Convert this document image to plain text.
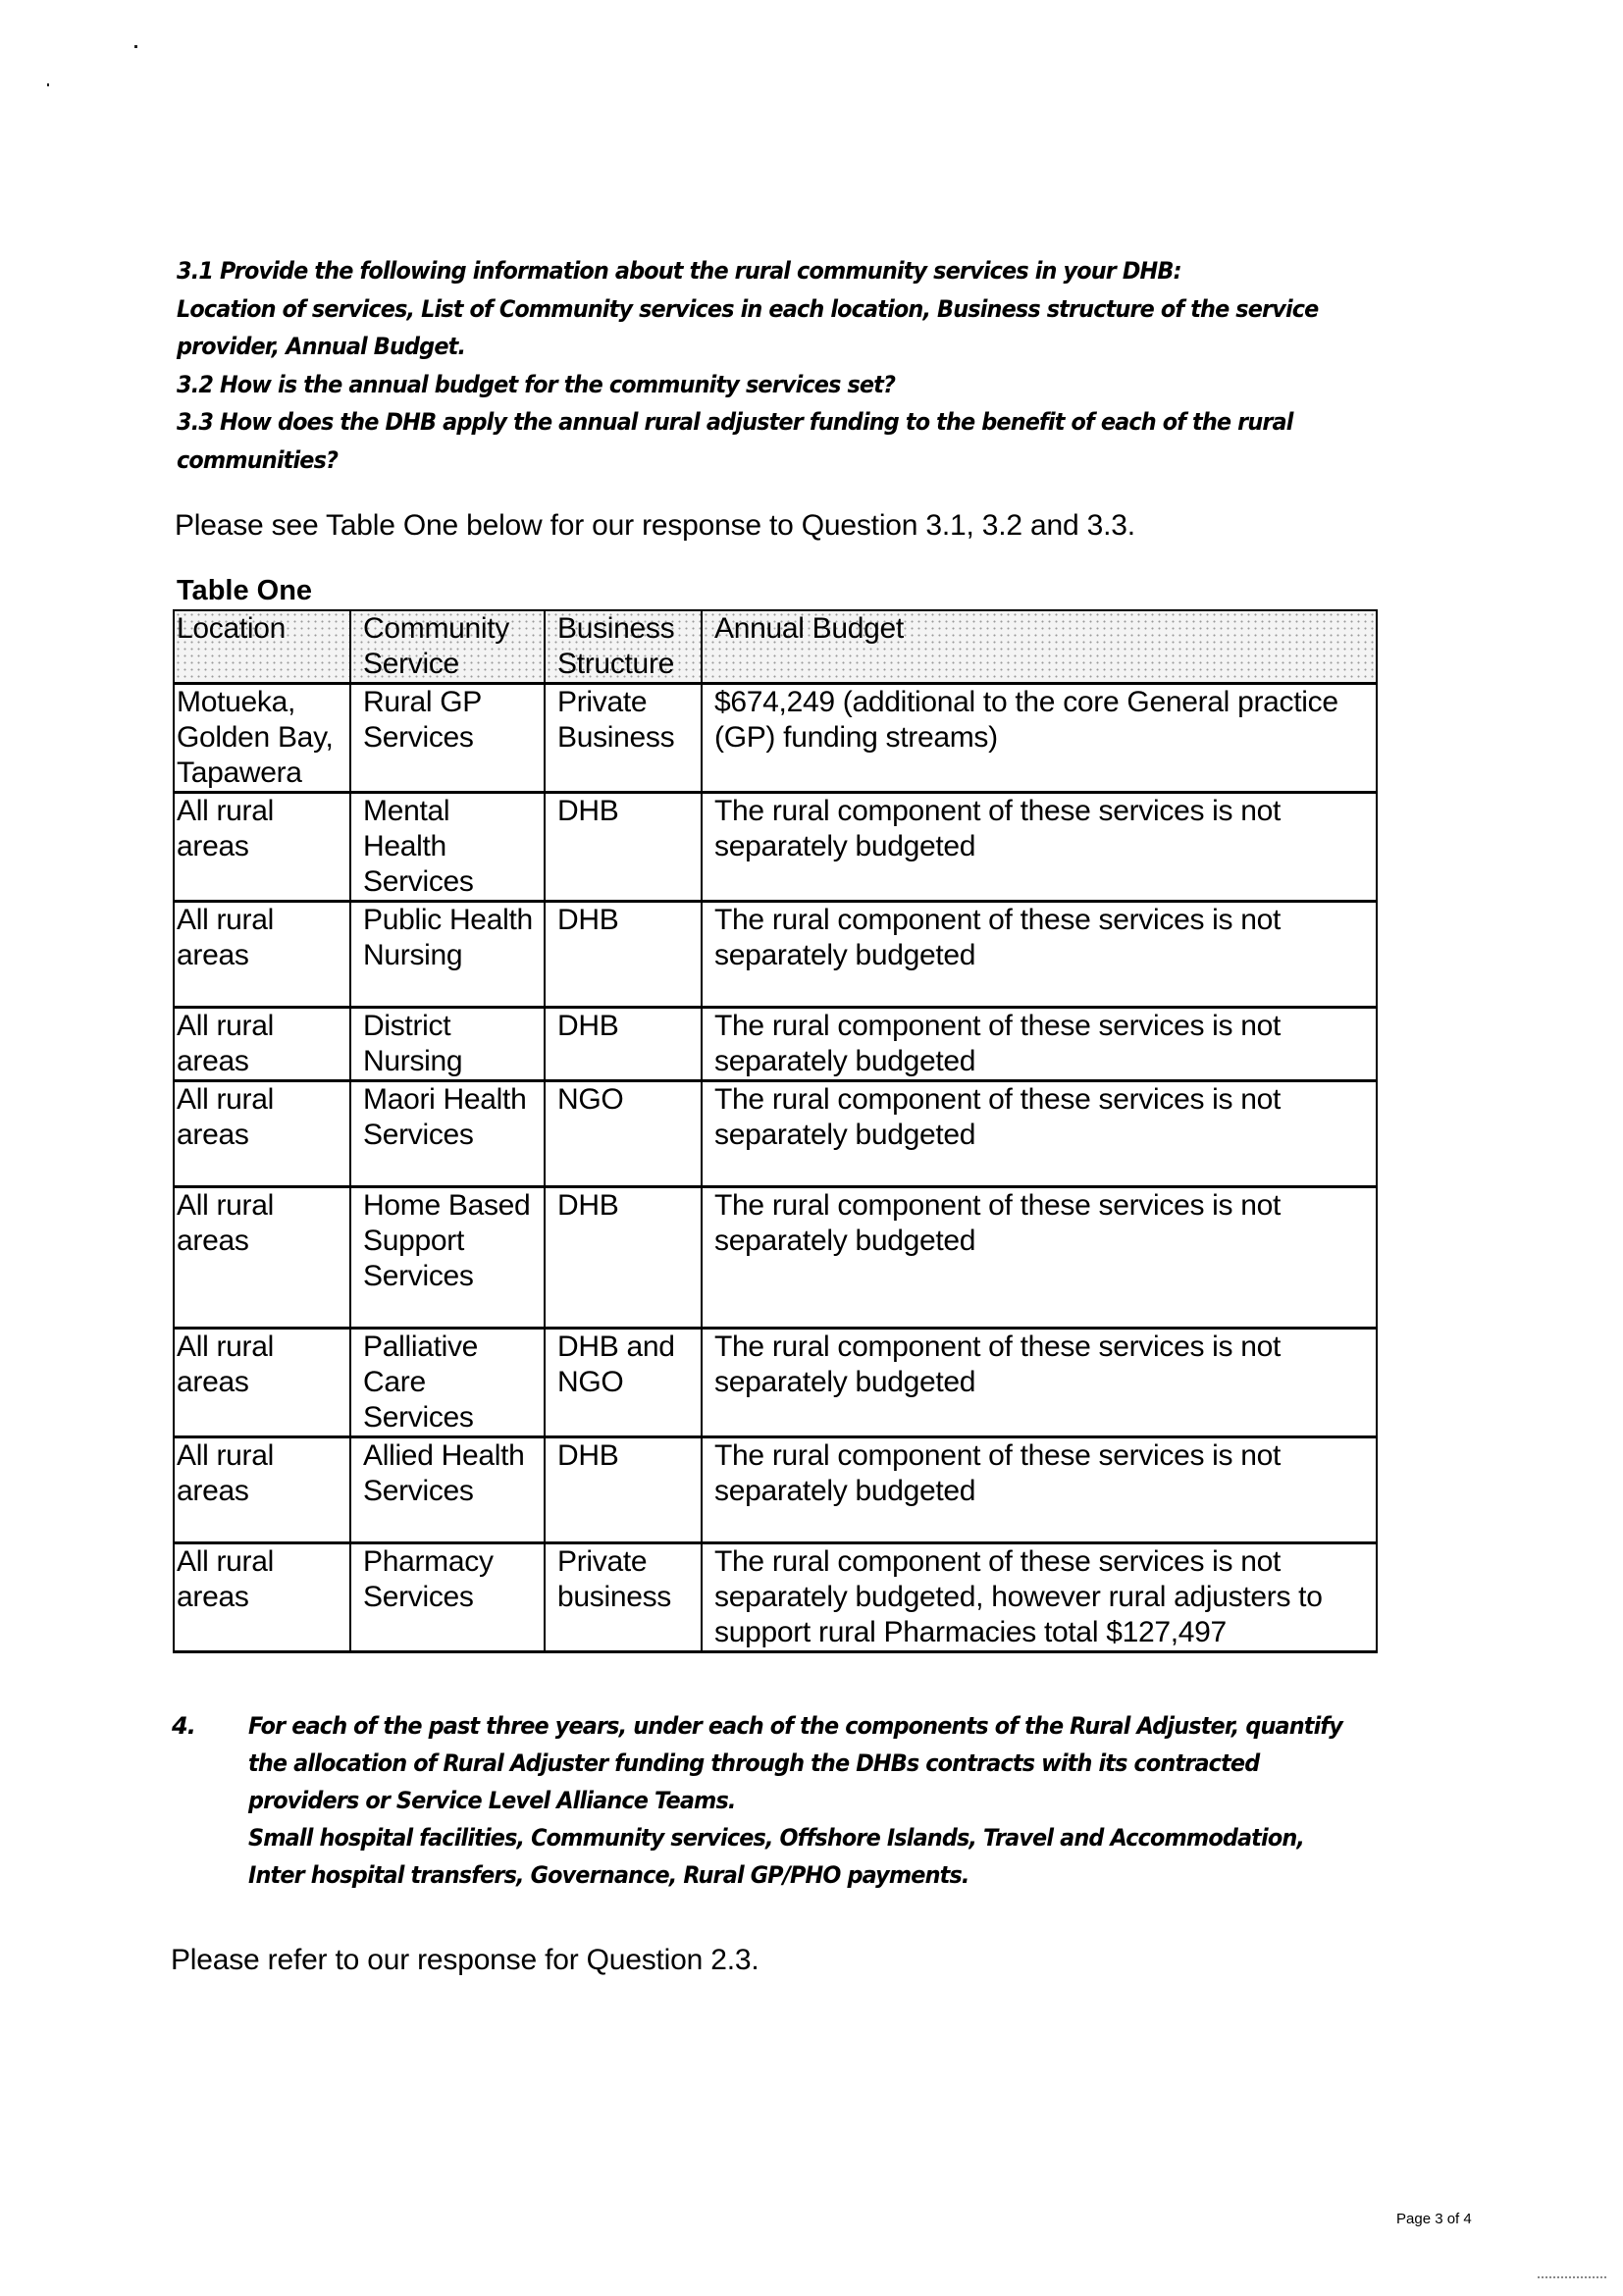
3.1 Provide the following information about the rural community services in your DHB:

Location of services, List of Community services in each location, Business structure of the service

provider, Annual Budget.

3.2 How is the annual budget for the community services set?

3.3 How does the DHB apply the annual rural adjuster funding to the benefit of each of the rural

communities?

Please see Table One below for our response to Question 3.1, 3.2 and 3.3.
Table One
Location	Community Service	Business Structure	Annual Budget
Motueka, Golden Bay, Tapawera	Rural GP Services	Private Business	$674,249 (additional to the core General practice (GP) funding streams)
All rural areas	Mental Health Services	DHB	The rural component of these services is not separately budgeted
All rural areas	Public Health Nursing	DHB	The rural component of these services is not separately budgeted
All rural areas	District Nursing	DHB	The rural component of these services is not separately budgeted
All rural areas	Maori Health Services	NGO	The rural component of these services is not separately budgeted
All rural areas	Home Based Support Services	DHB	The rural component of these services is not separately budgeted
All rural areas	Palliative Care Services	DHB and NGO	The rural component of these services is not separately budgeted
All rural areas	Allied Health Services	DHB	The rural component of these services is not separately budgeted
All rural areas	Pharmacy Services	Private business	The rural component of these services is not separately budgeted, however rural adjusters to support rural Pharmacies total $127,497
4. For each of the past three years, under each of the components of the Rural Adjuster, quantify

the allocation of Rural Adjuster funding through the DHBs contracts with its contracted

providers or Service Level Alliance Teams.

Small hospital facilities, Community services, Offshore Islands, Travel and Accommodation,

Inter hospital transfers, Governance, Rural GP/PHO payments.

Please refer to our response for Question 2.3.
Page 3 of 4
